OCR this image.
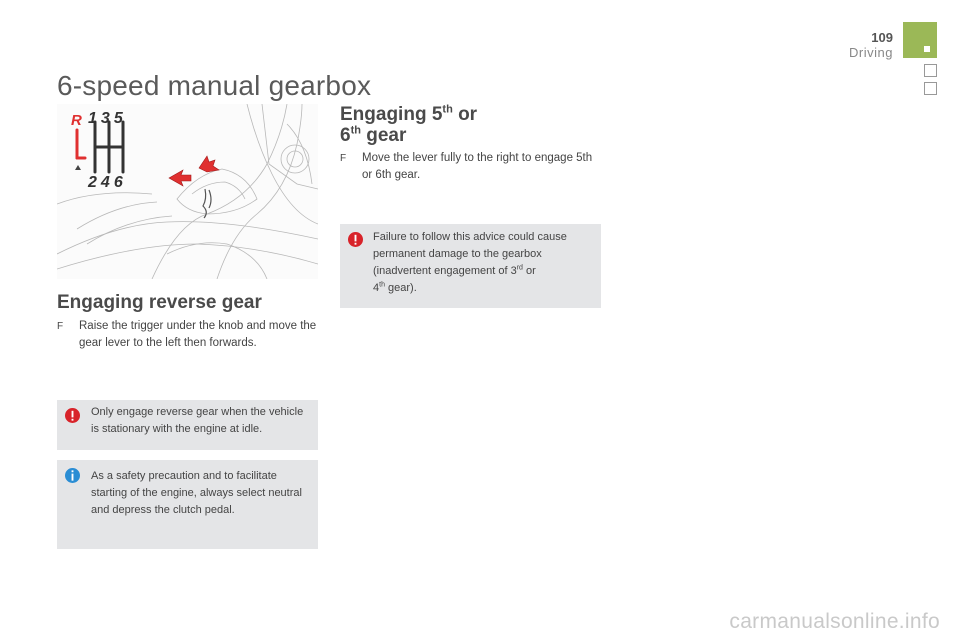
109
Driving
6-speed manual gearbox
R 135
246
Engaging reverse gear
F	Raise the trigger under the knob and move the gear lever to the left then forwards.
Only engage reverse gear when the vehicle is stationary with the engine at idle.
As a safety precaution and to facilitate starting of the engine, always select neutral and depress the clutch pedal.
Engaging 5th or
6th gear
F	Move the lever fully to the right to engage 5th or 6th gear.
Failure to follow this advice could cause permanent damage to the gearbox (inadvertent engagement of 3rd or
4th gear).
carmanualsonline.info
